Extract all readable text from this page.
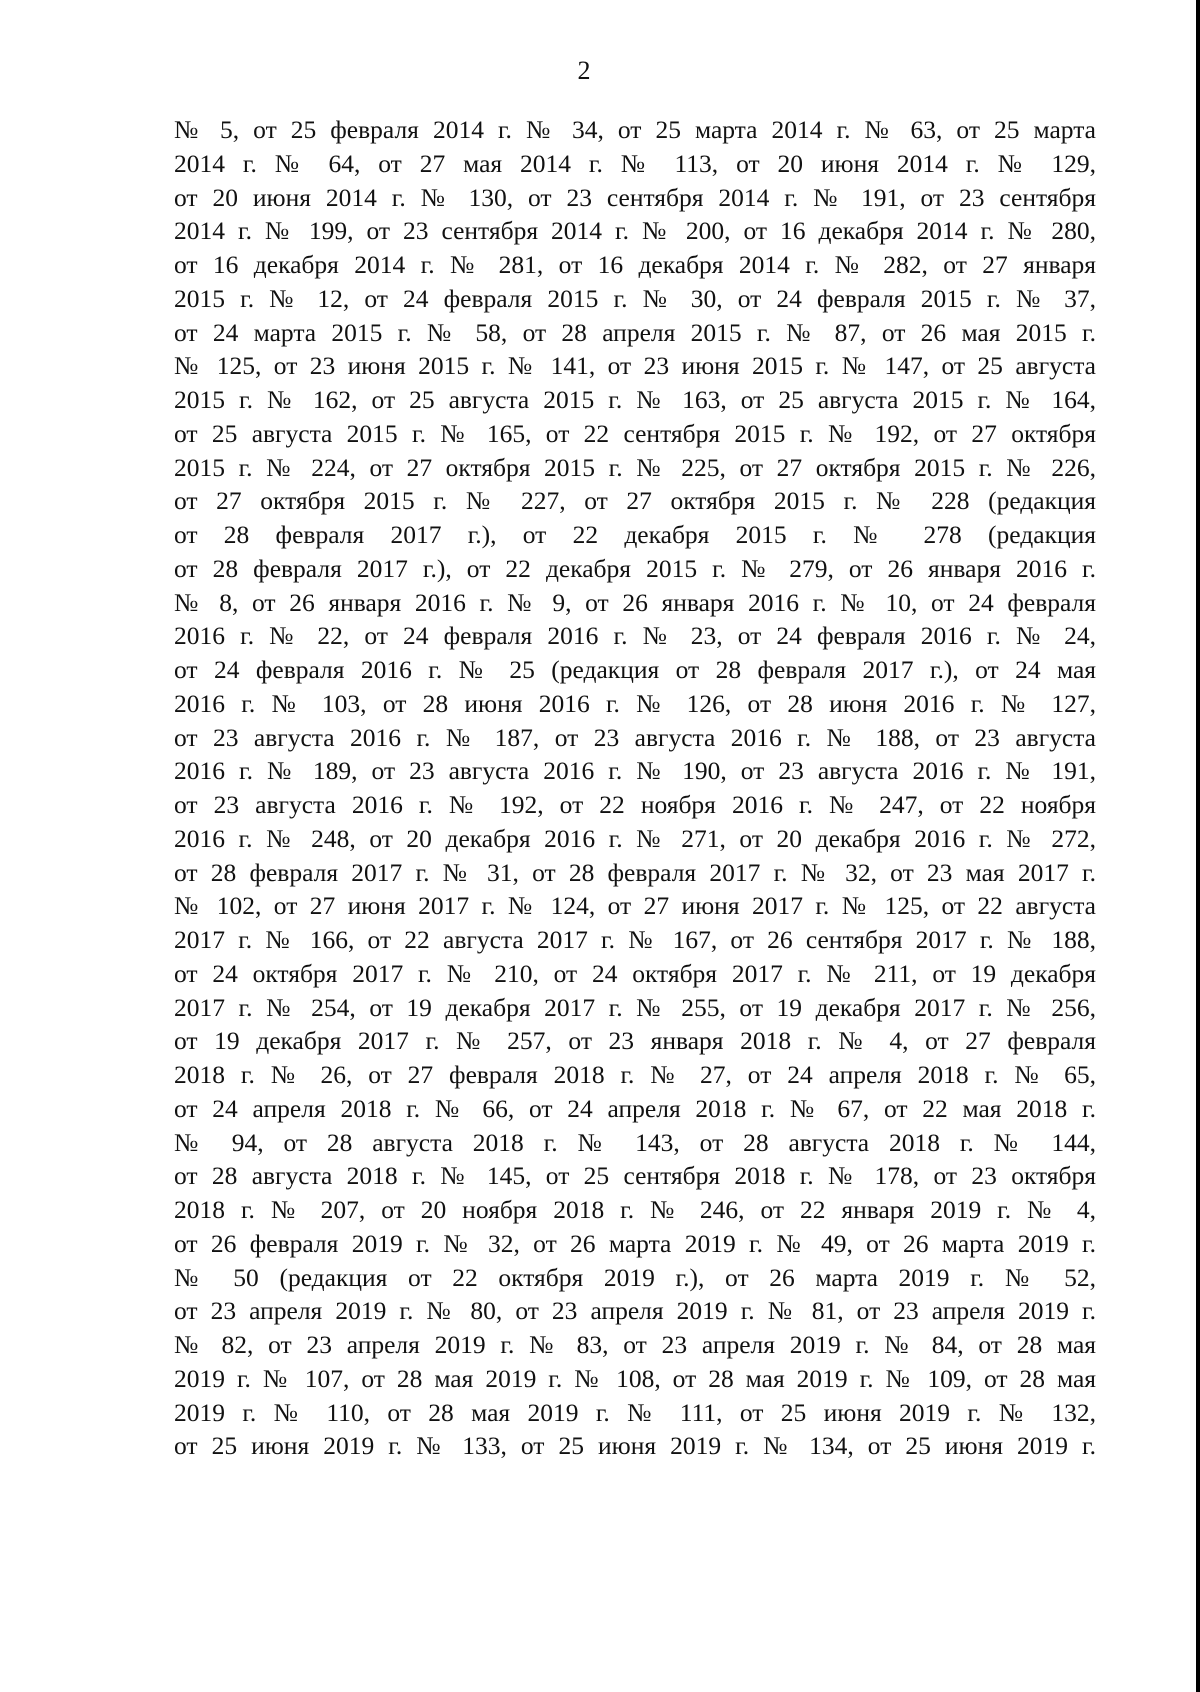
2
№ 5, от 25 февраля 2014 г. № 34, от 25 марта 2014 г. № 63, от 25 марта
2014 г. № 64, от 27 мая 2014 г. № 113, от 20 июня 2014 г. № 129,
от 20 июня 2014 г. № 130, от 23 сентября 2014 г. № 191, от 23 сентября
2014 г. № 199, от 23 сентября 2014 г. № 200, от 16 декабря 2014 г. № 280,
от 16 декабря 2014 г. № 281, от 16 декабря 2014 г. № 282, от 27 января
2015 г. № 12, от 24 февраля 2015 г. № 30, от 24 февраля 2015 г. № 37,
от 24 марта 2015 г. № 58, от 28 апреля 2015 г. № 87, от 26 мая 2015 г.
№ 125, от 23 июня 2015 г. № 141, от 23 июня 2015 г. № 147, от 25 августа
2015 г. № 162, от 25 августа 2015 г. № 163, от 25 августа 2015 г. № 164,
от 25 августа 2015 г. № 165, от 22 сентября 2015 г. № 192, от 27 октября
2015 г. № 224, от 27 октября 2015 г. № 225, от 27 октября 2015 г. № 226,
от 27 октября 2015 г. № 227, от 27 октября 2015 г. № 228 (редакция
от 28 февраля 2017 г.), от 22 декабря 2015 г. № 278 (редакция
от 28 февраля 2017 г.), от 22 декабря 2015 г. № 279, от 26 января 2016 г.
№ 8, от 26 января 2016 г. № 9, от 26 января 2016 г. № 10, от 24 февраля
2016 г. № 22, от 24 февраля 2016 г. № 23, от 24 февраля 2016 г. № 24,
от 24 февраля 2016 г. № 25 (редакция от 28 февраля 2017 г.), от 24 мая
2016 г. № 103, от 28 июня 2016 г. № 126, от 28 июня 2016 г. № 127,
от 23 августа 2016 г. № 187, от 23 августа 2016 г. № 188, от 23 августа
2016 г. № 189, от 23 августа 2016 г. № 190, от 23 августа 2016 г. № 191,
от 23 августа 2016 г. № 192, от 22 ноября 2016 г. № 247, от 22 ноября
2016 г. № 248, от 20 декабря 2016 г. № 271, от 20 декабря 2016 г. № 272,
от 28 февраля 2017 г. № 31, от 28 февраля 2017 г. № 32, от 23 мая 2017 г.
№ 102, от 27 июня 2017 г. № 124, от 27 июня 2017 г. № 125, от 22 августа
2017 г. № 166, от 22 августа 2017 г. № 167, от 26 сентября 2017 г. № 188,
от 24 октября 2017 г. № 210, от 24 октября 2017 г. № 211, от 19 декабря
2017 г. № 254, от 19 декабря 2017 г. № 255, от 19 декабря 2017 г. № 256,
от 19 декабря 2017 г. № 257, от 23 января 2018 г. № 4, от 27 февраля
2018 г. № 26, от 27 февраля 2018 г. № 27, от 24 апреля 2018 г. № 65,
от 24 апреля 2018 г. № 66, от 24 апреля 2018 г. № 67, от 22 мая 2018 г.
№ 94, от 28 августа 2018 г. № 143, от 28 августа 2018 г. № 144,
от 28 августа 2018 г. № 145, от 25 сентября 2018 г. № 178, от 23 октября
2018 г. № 207, от 20 ноября 2018 г. № 246, от 22 января 2019 г. № 4,
от 26 февраля 2019 г. № 32, от 26 марта 2019 г. № 49, от 26 марта 2019 г.
№ 50 (редакция от 22 октября 2019 г.), от 26 марта 2019 г. № 52,
от 23 апреля 2019 г. № 80, от 23 апреля 2019 г. № 81, от 23 апреля 2019 г.
№ 82, от 23 апреля 2019 г. № 83, от 23 апреля 2019 г. № 84, от 28 мая
2019 г. № 107, от 28 мая 2019 г. № 108, от 28 мая 2019 г. № 109, от 28 мая
2019 г. № 110, от 28 мая 2019 г. № 111, от 25 июня 2019 г. № 132,
от 25 июня 2019 г. № 133, от 25 июня 2019 г. № 134, от 25 июня 2019 г.
